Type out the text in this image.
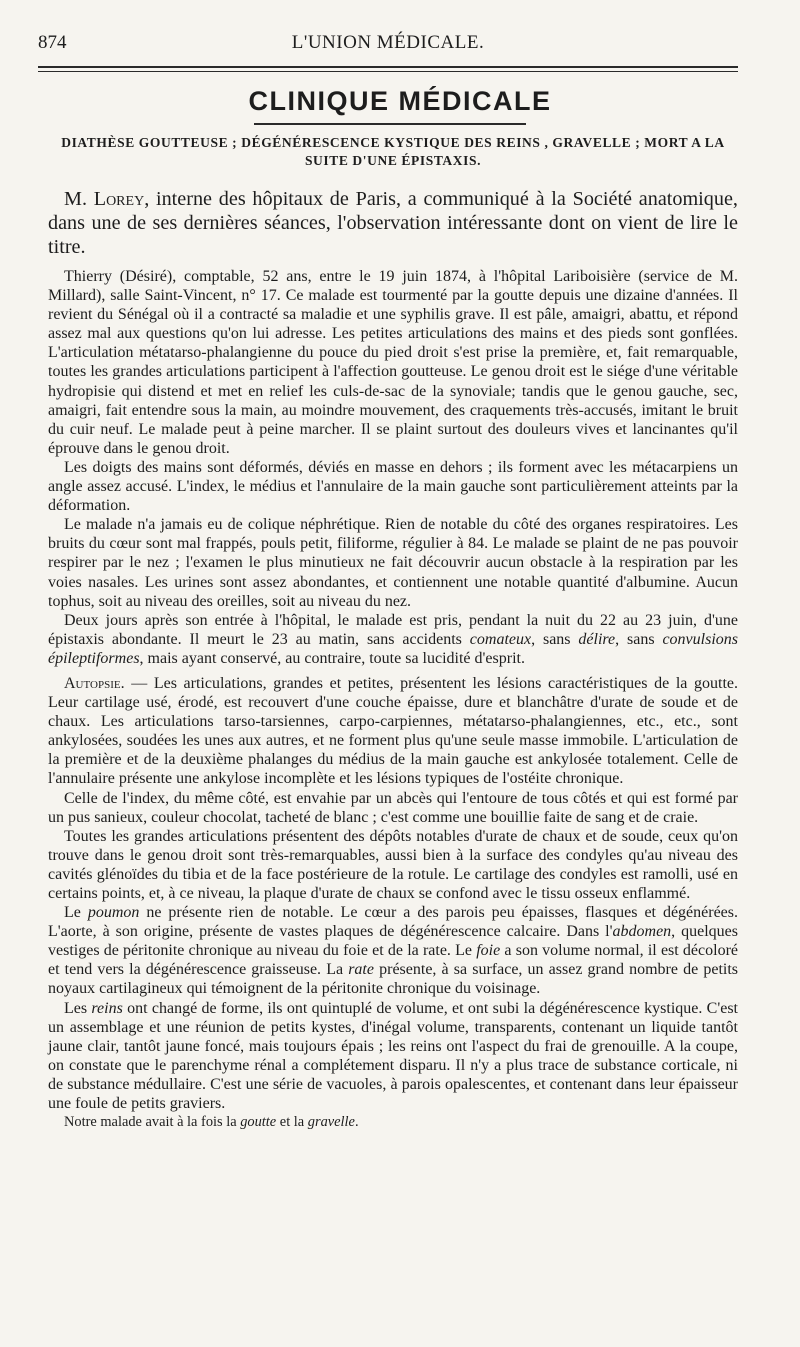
874	L'UNION MÉDICALE.
CLINIQUE MÉDICALE
DIATHÈSE GOUTTEUSE ; DÉGÉNÉRESCENCE KYSTIQUE DES REINS , GRAVELLE ; MORT A LA SUITE D'UNE ÉPISTAXIS.
M. Lorey, interne des hôpitaux de Paris, a communiqué à la Société anatomique, dans une de ses dernières séances, l'observation intéressante dont on vient de lire le titre.

Thierry (Désiré), comptable, 52 ans, entre le 19 juin 1874, à l'hôpital Lariboisière (service de M. Millard), salle Saint-Vincent, n° 17. Ce malade est tourmenté par la goutte depuis une dizaine d'années. Il revient du Sénégal où il a contracté sa maladie et une syphilis grave. Il est pâle, amaigri, abattu, et répond assez mal aux questions qu'on lui adresse. Les petites articulations des mains et des pieds sont gonflées. L'articulation métatarso-phalangienne du pouce du pied droit s'est prise la première, et, fait remarquable, toutes les grandes articulations participent à l'affection goutteuse. Le genou droit est le siége d'une véritable hydropisie qui distend et met en relief les culs-de-sac de la synoviale; tandis que le genou gauche, sec, amaigri, fait entendre sous la main, au moindre mouvement, des craquements très-accusés, imitant le bruit du cuir neuf. Le malade peut à peine marcher. Il se plaint surtout des douleurs vives et lancinantes qu'il éprouve dans le genou droit.

Les doigts des mains sont déformés, déviés en masse en dehors ; ils forment avec les métacarpiens un angle assez accusé. L'index, le médius et l'annulaire de la main gauche sont particulièrement atteints par la déformation.

Le malade n'a jamais eu de colique néphrétique. Rien de notable du côté des organes respiratoires. Les bruits du cœur sont mal frappés, pouls petit, filiforme, régulier à 84. Le malade se plaint de ne pas pouvoir respirer par le nez ; l'examen le plus minutieux ne fait découvrir aucun obstacle à la respiration par les voies nasales. Les urines sont assez abondantes, et contiennent une notable quantité d'albumine. Aucun tophus, soit au niveau des oreilles, soit au niveau du nez.

Deux jours après son entrée à l'hôpital, le malade est pris, pendant la nuit du 22 au 23 juin, d'une épistaxis abondante. Il meurt le 23 au matin, sans accidents comateux, sans délire, sans convulsions épileptiformes, mais ayant conservé, au contraire, toute sa lucidité d'esprit.

Autopsie. — Les articulations, grandes et petites, présentent les lésions caractéristiques de la goutte. Leur cartilage usé, érodé, est recouvert d'une couche épaisse, dure et blanchâtre d'urate de soude et de chaux. Les articulations tarso-tarsiennes, carpo-carpiennes, métatarso-phalangiennes, etc., etc., sont ankylosées, soudées les unes aux autres, et ne forment plus qu'une seule masse immobile. L'articulation de la première et de la deuxième phalanges du médius de la main gauche est ankylosée totalement. Celle de l'annulaire présente une ankylose incomplète et les lésions typiques de l'ostéite chronique.

Celle de l'index, du même côté, est envahie par un abcès qui l'entoure de tous côtés et qui est formé par un pus sanieux, couleur chocolat, tacheté de blanc ; c'est comme une bouillie faite de sang et de craie.

Toutes les grandes articulations présentent des dépôts notables d'urate de chaux et de soude, ceux qu'on trouve dans le genou droit sont très-remarquables, aussi bien à la surface des condyles qu'au niveau des cavités glénoïdes du tibia et de la face postérieure de la rotule. Le cartilage des condyles est ramolli, usé en certains points, et, à ce niveau, la plaque d'urate de chaux se confond avec le tissu osseux enflammé.

Le poumon ne présente rien de notable. Le cœur a des parois peu épaisses, flasques et dégénérées. L'aorte, à son origine, présente de vastes plaques de dégénérescence calcaire. Dans l'abdomen, quelques vestiges de péritonite chronique au niveau du foie et de la rate. Le foie a son volume normal, il est décoloré et tend vers la dégénérescence graisseuse. La rate présente, à sa surface, un assez grand nombre de petits noyaux cartilagineux qui témoignent de la péritonite chronique du voisinage.

Les reins ont changé de forme, ils ont quintuplé de volume, et ont subi la dégénérescence kystique. C'est un assemblage et une réunion de petits kystes, d'inégal volume, transparents, contenant un liquide tantôt jaune clair, tantôt jaune foncé, mais toujours épais ; les reins ont l'aspect du frai de grenouille. A la coupe, on constate que le parenchyme rénal a complétement disparu. Il n'y a plus trace de substance corticale, ni de substance médullaire. C'est une série de vacuoles, à parois opalescentes, et contenant dans leur épaisseur une foule de petits graviers.

Notre malade avait à la fois la goutte et la gravelle.
